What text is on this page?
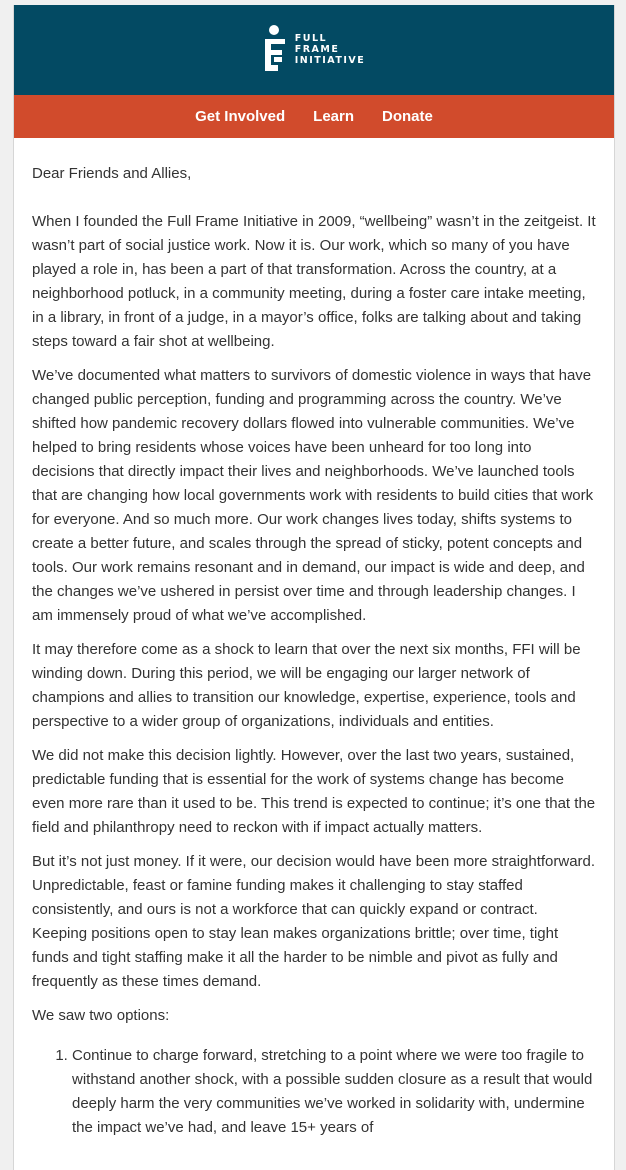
FULL
FRAME
INITIATIVE
Get Involved Learn Donate

Dear Friends and Allies,

When I founded the Full Frame Initiative in 2009, “wellbeing” wasn’t in the zeitgeist. It wasn’t part of social justice work. Now it is. Our work, which so many of you have played a role in, has been a part of that transformation. Across the country, at a neighborhood potluck, in a community meeting, during a foster care intake meeting, in a library, in front of a judge, in a mayor’s office, folks are talking about and taking steps toward a fair shot at wellbeing.

We’ve documented what matters to survivors of domestic violence in ways that have changed public perception, funding and programming across the country. We’ve shifted how pandemic recovery dollars flowed into vulnerable communities. We’ve helped to bring residents whose voices have been unheard for too long into decisions that directly impact their lives and neighborhoods. We’ve launched tools that are changing how local governments work with residents to build cities that work for everyone. And so much more. Our work changes lives today, shifts systems to create a better future, and scales through the spread of sticky, potent concepts and tools. Our work remains resonant and in demand, our impact is wide and deep, and the changes we’ve ushered in persist over time and through leadership changes. I am immensely proud of what we’ve accomplished.

It may therefore come as a shock to learn that over the next six months, FFI will be winding down. During this period, we will be engaging our larger network of champions and allies to transition our knowledge, expertise, experience, tools and perspective to a wider group of organizations, individuals and entities.

We did not make this decision lightly. However, over the last two years, sustained, predictable funding that is essential for the work of systems change has become even more rare than it used to be. This trend is expected to continue; it’s one that the field and philanthropy need to reckon with if impact actually matters.

But it’s not just money. If it were, our decision would have been more straightforward. Unpredictable, feast or famine funding makes it challenging to stay staffed consistently, and ours is not a workforce that can quickly expand or contract. Keeping positions open to stay lean makes organizations brittle; over time, tight funds and tight staffing make it all the harder to be nimble and pivot as fully and frequently as these times demand.

We saw two options:

1. Continue to charge forward, stretching to a point where we were too fragile to withstand another shock, with a possible sudden closure as a result that would deeply harm the very communities we’ve worked in solidarity with, undermine the impact we’ve had, and leave 15+ years of
